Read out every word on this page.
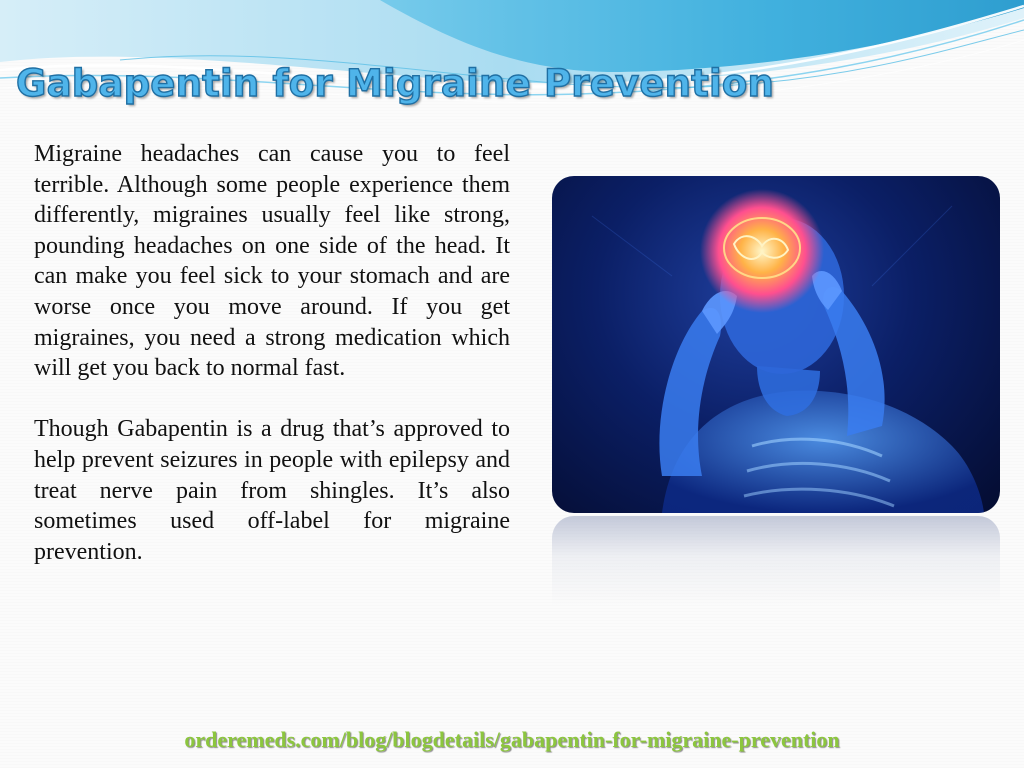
Gabapentin for Migraine Prevention

Migraine headaches can cause you to feel terrible. Although some people experience them differently, migraines usually feel like strong, pounding headaches on one side of the head. It can make you feel sick to your stomach and are worse once you move around. If you get migraines, you need a strong medication which will get you back to normal fast.

Though Gabapentin is a drug that’s approved to help prevent seizures in people with epilepsy and treat nerve pain from shingles. It’s also sometimes used off-label for migraine prevention.

orderemeds.com/blog/blogdetails/gabapentin-for-migraine-prevention
